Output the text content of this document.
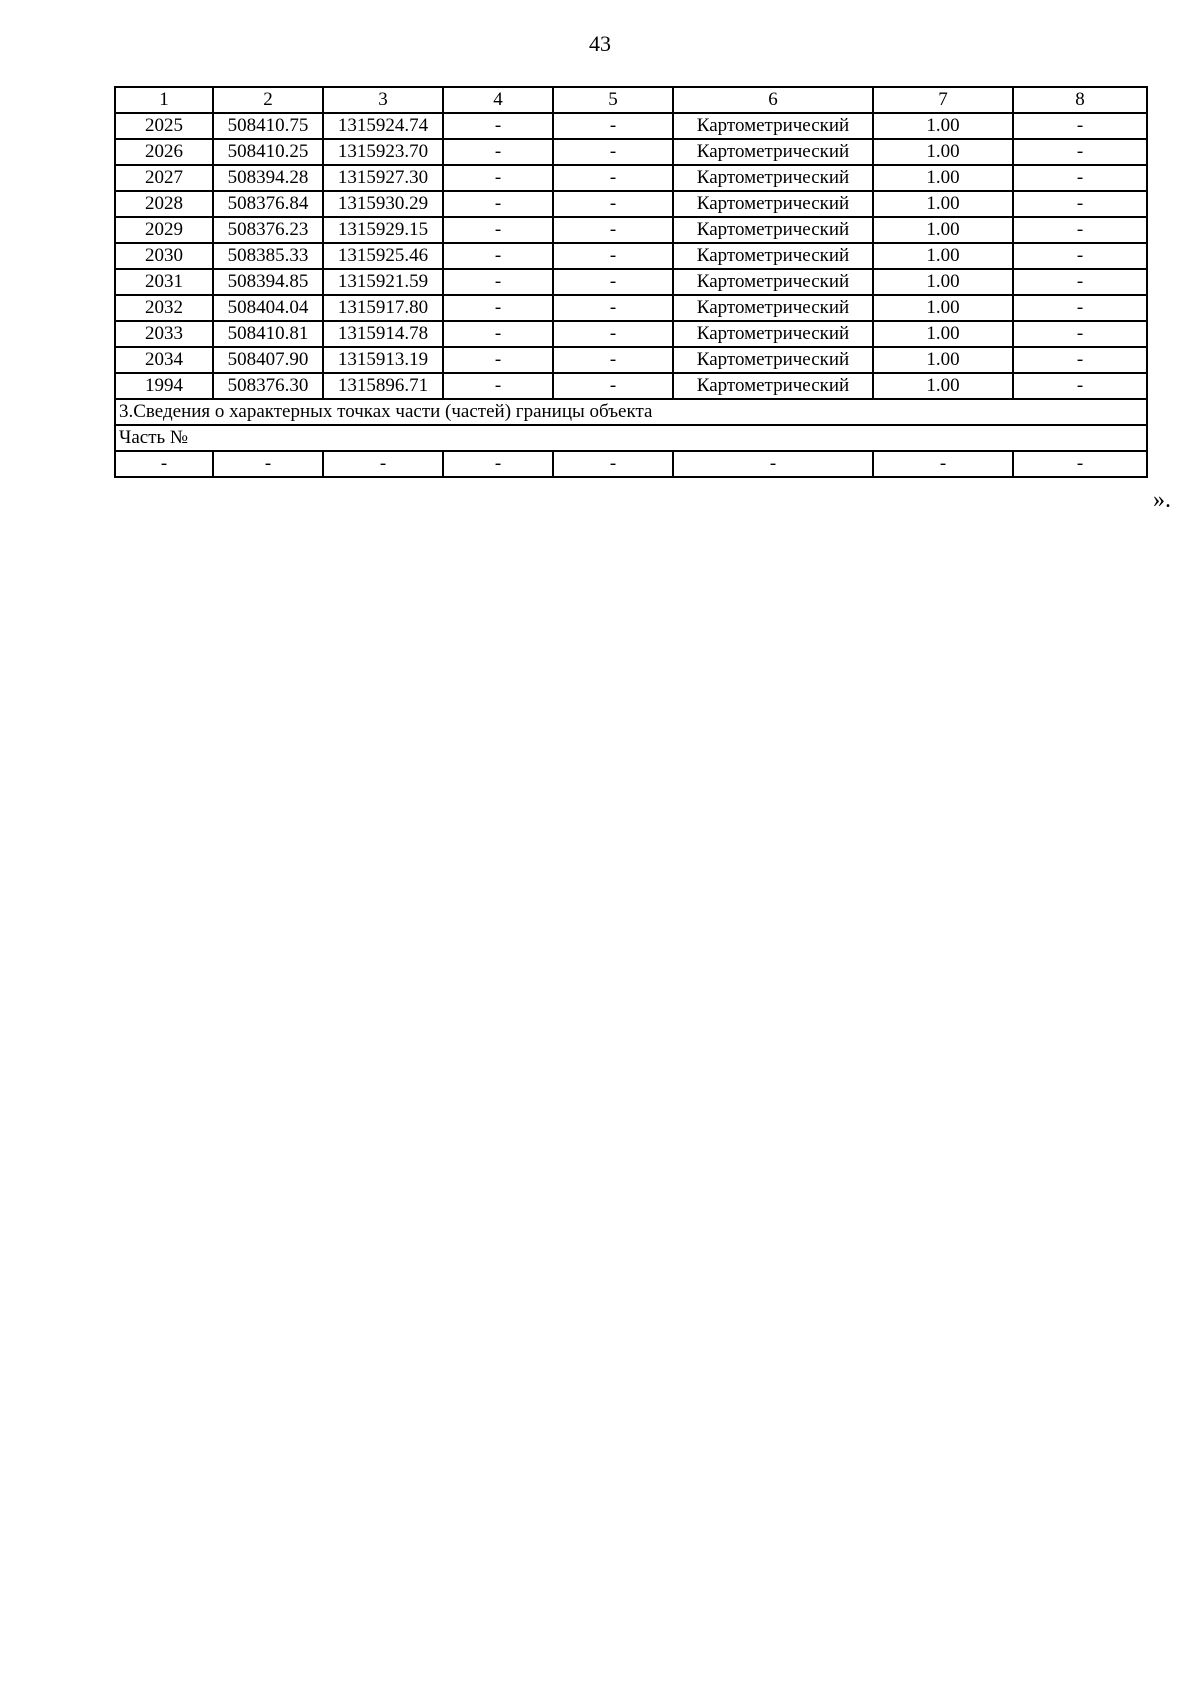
43
1	2	3	4	5	6	7	8
2025	508410.75	1315924.74	-	-	Картометрический	1.00	-
2026	508410.25	1315923.70	-	-	Картометрический	1.00	-
2027	508394.28	1315927.30	-	-	Картометрический	1.00	-
2028	508376.84	1315930.29	-	-	Картометрический	1.00	-
2029	508376.23	1315929.15	-	-	Картометрический	1.00	-
2030	508385.33	1315925.46	-	-	Картометрический	1.00	-
2031	508394.85	1315921.59	-	-	Картометрический	1.00	-
2032	508404.04	1315917.80	-	-	Картометрический	1.00	-
2033	508410.81	1315914.78	-	-	Картометрический	1.00	-
2034	508407.90	1315913.19	-	-	Картометрический	1.00	-
1994	508376.30	1315896.71	-	-	Картометрический	1.00	-
3.Сведения о характерных точках части (частей) границы объекта							
Часть №							
-	-	-	-	-	-	-	-
».
